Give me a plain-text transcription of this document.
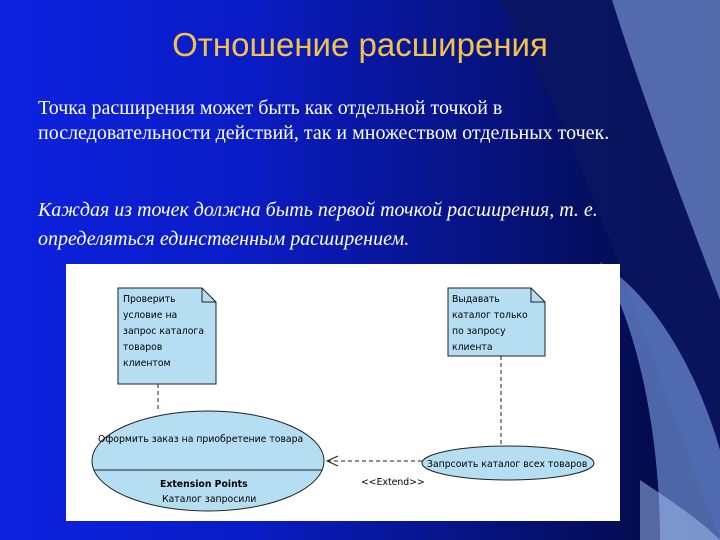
Отношение расширения
Точка расширения может быть как отдельной точкой в последовательности действий, так и множеством отдельных точек.
Каждая из точек должна быть первой точкой расширения, т. е. определяться единственным расширением.
Проверить
условие на
запрос каталога
товаров
клиентом
Выдавать
каталог только
по запросу
клиента
Оформить заказ на приобретение товара
Extension Points
Каталог запросили
Запрсоить каталог всех товаров
<<Extend>>
